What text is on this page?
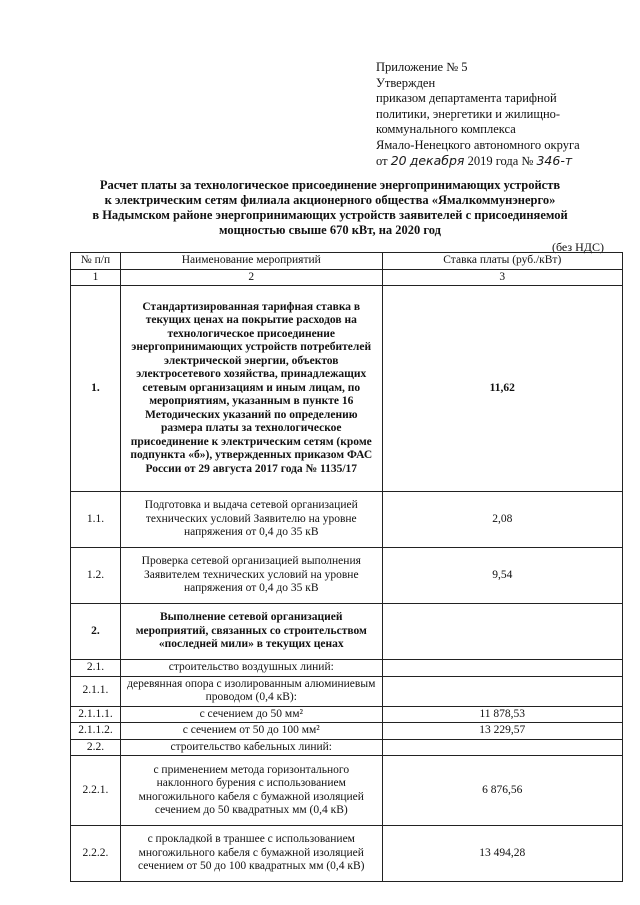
Приложение № 5
Утвержден
приказом департамента тарифной
политики, энергетики и жилищно-
коммунального комплекса
Ямало-Ненецкого автономного округа
от 20 декабря 2019 года № 346-т
Расчет платы за технологическое присоединение энергопринимающих устройств
к электрическим сетям филиала акционерного общества «Ямалкоммунэнерго»
в Надымском районе энергопринимающих устройств заявителей с присоединяемой
мощностью свыше 670 кВт, на 2020 год
(без НДС)
№ п/п	Наименование мероприятий	Ставка платы (руб./кВт)
1	2	3
1.	Стандартизированная тарифная ставка в текущих ценах на покрытие расходов на технологическое присоединение энергопринимающих устройств потребителей электрической энергии, объектов электросетевого хозяйства, принадлежащих сетевым организациям и иным лицам, по мероприятиям, указанным в пункте 16 Методических указаний по определению размера платы за технологическое присоединение к электрическим сетям (кроме подпункта «б»), утвержденных приказом ФАС России от 29 августа 2017 года № 1135/17	11,62
1.1.	Подготовка и выдача сетевой организацией технических условий Заявителю на уровне напряжения от 0,4 до 35 кВ	2,08
1.2.	Проверка сетевой организацией выполнения Заявителем технических условий на уровне напряжения от 0,4 до 35 кВ	9,54
2.	Выполнение сетевой организацией мероприятий, связанных со строительством «последней мили» в текущих ценах	
2.1.	строительство воздушных линий:	
2.1.1.	деревянная опора с изолированным алюминиевым проводом (0,4 кВ):	
2.1.1.1.	с сечением до 50 мм²	11 878,53
2.1.1.2.	с сечением от 50 до 100 мм²	13 229,57
2.2.	строительство кабельных линий:	
2.2.1.	с применением метода горизонтального наклонного бурения с использованием многожильного кабеля с бумажной изоляцией сечением до 50 квадратных мм (0,4 кВ)	6 876,56
2.2.2.	с прокладкой в траншее с использованием многожильного кабеля с бумажной изоляцией сечением от 50 до 100 квадратных мм (0,4 кВ)	13 494,28
